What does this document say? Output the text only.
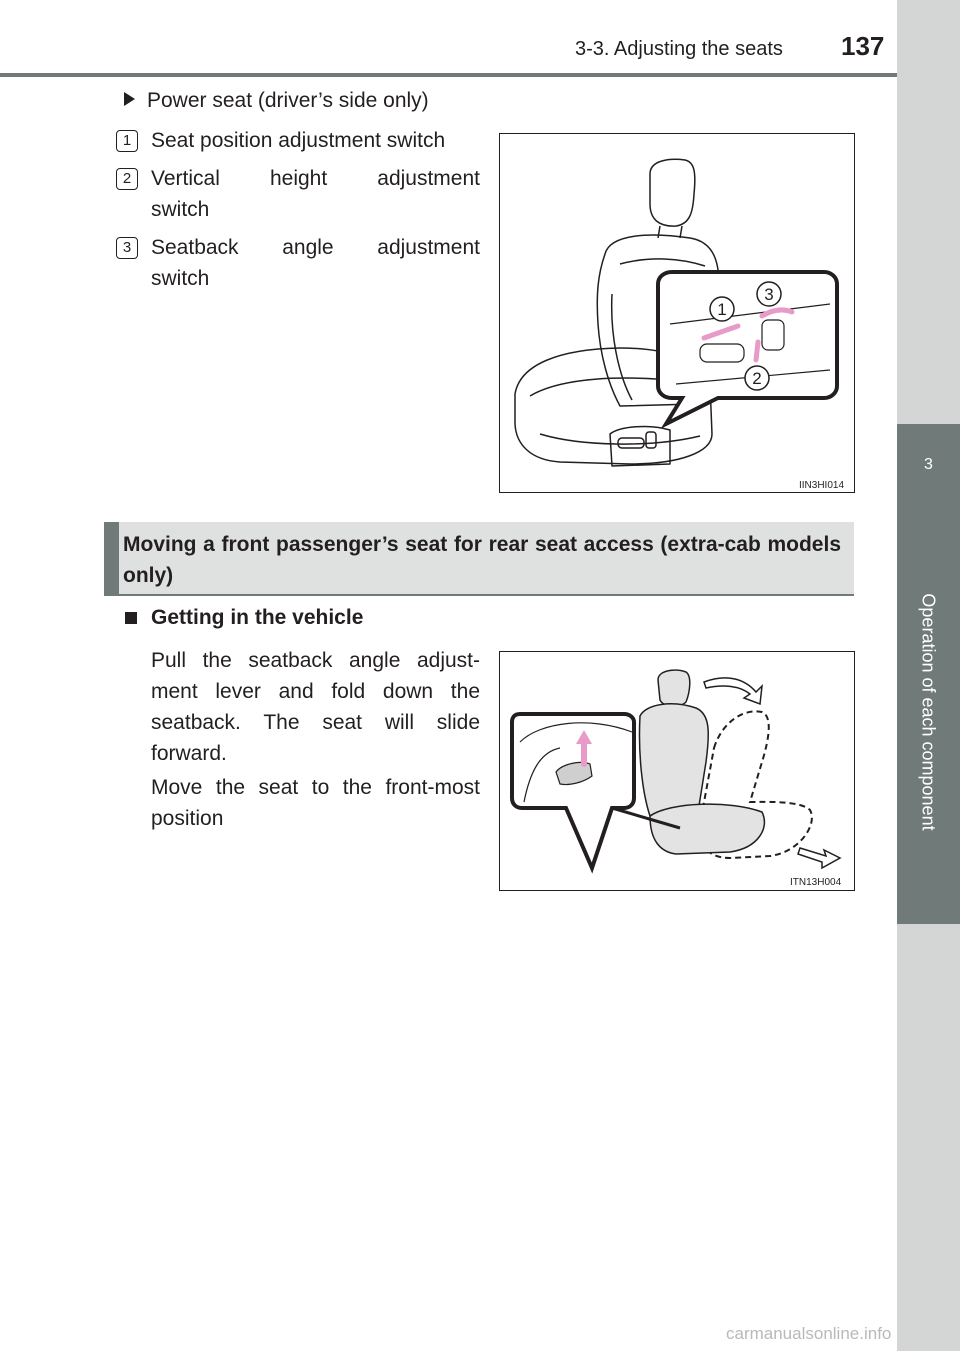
3-3. Adjusting the seats 137
3
Operation of each component
Power seat (driver’s side only)
1 Seat position adjustment switch
2 Vertical height adjustment
switch
3 Seatback angle adjustment
switch
1
3
2
IIN3HI014
Moving a front passenger’s seat for rear seat access (extra-cab models only)
Getting in the vehicle
Pull the seatback angle adjust-ment lever and fold down the seatback. The seat will slide forward.
Move the seat to the front-most position
ITN13H004
carmanualsonline.info
